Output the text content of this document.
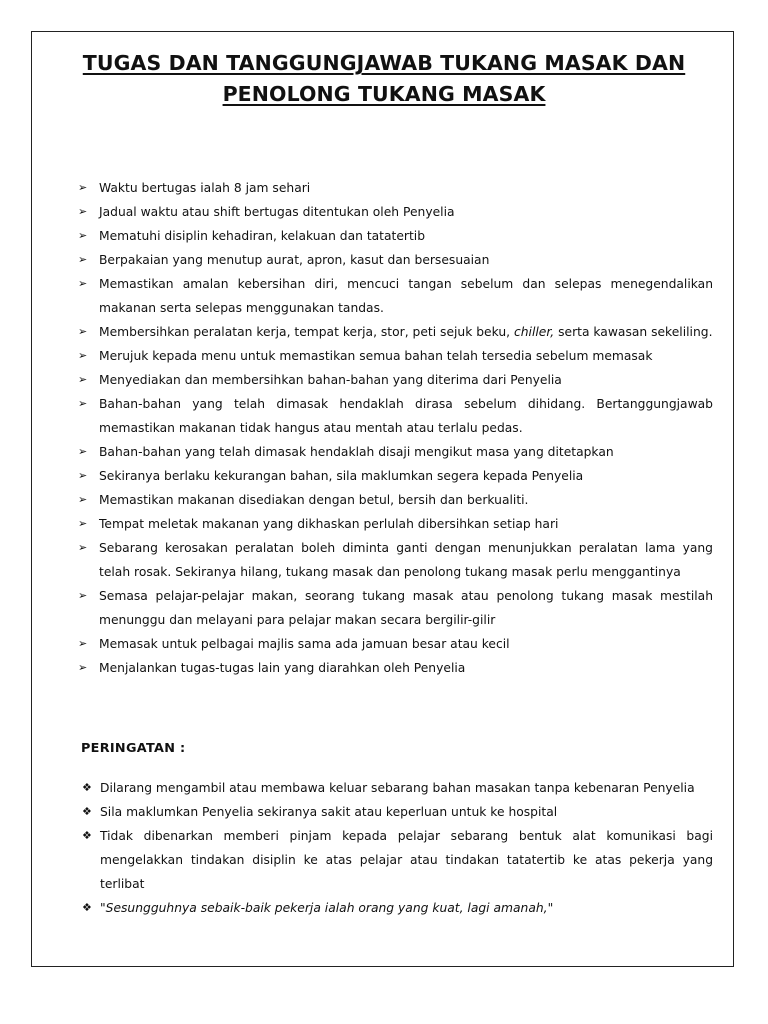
TUGAS DAN TANGGUNGJAWAB TUKANG MASAK DAN
PENOLONG TUKANG MASAK
➢ Waktu bertugas ialah 8 jam sehari
➢ Jadual waktu atau shift bertugas ditentukan oleh Penyelia
➢ Mematuhi disiplin kehadiran, kelakuan dan tatatertib
➢ Berpakaian yang menutup aurat, apron, kasut dan bersesuaian
➢ Memastikan amalan kebersihan diri, mencuci tangan sebelum dan selepas menegendalikan makanan serta selepas menggunakan tandas.
➢ Membersihkan peralatan kerja, tempat kerja, stor, peti sejuk beku, chiller, serta kawasan sekeliling.
➢ Merujuk kepada menu untuk memastikan semua bahan telah tersedia sebelum memasak
➢ Menyediakan dan membersihkan bahan-bahan yang diterima dari Penyelia
➢ Bahan-bahan yang telah dimasak hendaklah dirasa sebelum dihidang. Bertanggungjawab memastikan makanan tidak hangus atau mentah atau terlalu pedas.
➢ Bahan-bahan yang telah dimasak hendaklah disaji mengikut masa yang ditetapkan
➢ Sekiranya berlaku kekurangan bahan, sila maklumkan segera kepada Penyelia
➢ Memastikan makanan disediakan dengan betul, bersih dan berkualiti.
➢ Tempat meletak makanan yang dikhaskan perlulah dibersihkan setiap hari
➢ Sebarang kerosakan peralatan boleh diminta ganti dengan menunjukkan peralatan lama yang telah rosak. Sekiranya hilang, tukang masak dan penolong tukang masak perlu menggantinya
➢ Semasa pelajar-pelajar makan, seorang tukang masak atau penolong tukang masak mestilah menunggu dan melayani para pelajar makan secara bergilir-gilir
➢ Memasak untuk pelbagai majlis sama ada jamuan besar atau kecil
➢ Menjalankan tugas-tugas lain yang diarahkan oleh Penyelia
PERINGATAN :
❖ Dilarang mengambil atau membawa keluar sebarang bahan masakan tanpa kebenaran Penyelia
❖ Sila maklumkan Penyelia sekiranya sakit atau keperluan untuk ke hospital
❖ Tidak dibenarkan memberi pinjam kepada pelajar sebarang bentuk alat komunikasi bagi mengelakkan tindakan disiplin ke atas pelajar atau tindakan tatatertib ke atas pekerja yang terlibat
❖ "Sesungguhnya sebaik-baik pekerja ialah orang yang kuat, lagi amanah,"
